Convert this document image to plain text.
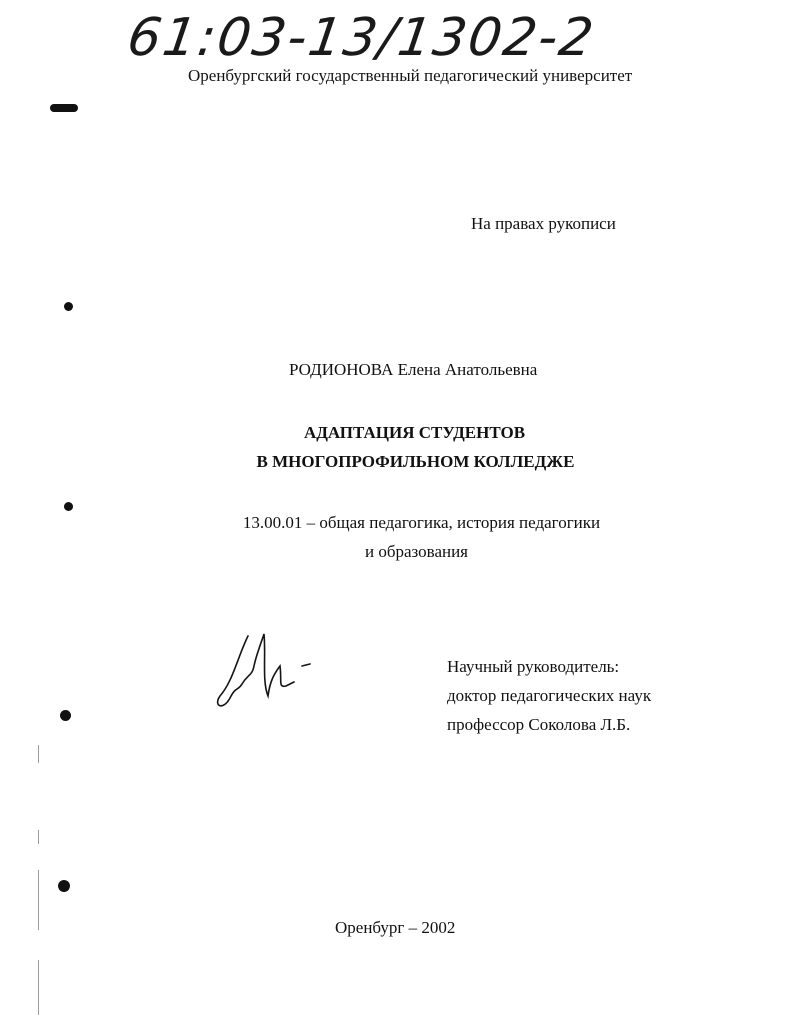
61:03-13/1302-2
Оренбургский государственный педагогический университет
На правах рукописи
РОДИОНОВА Елена Анатольевна
АДАПТАЦИЯ СТУДЕНТОВ
В МНОГОПРОФИЛЬНОМ КОЛЛЕДЖЕ
13.00.01 – общая педагогика, история педагогики
и образования
Научный руководитель:
доктор педагогических наук
профессор Соколова Л.Б.
Оренбург – 2002
